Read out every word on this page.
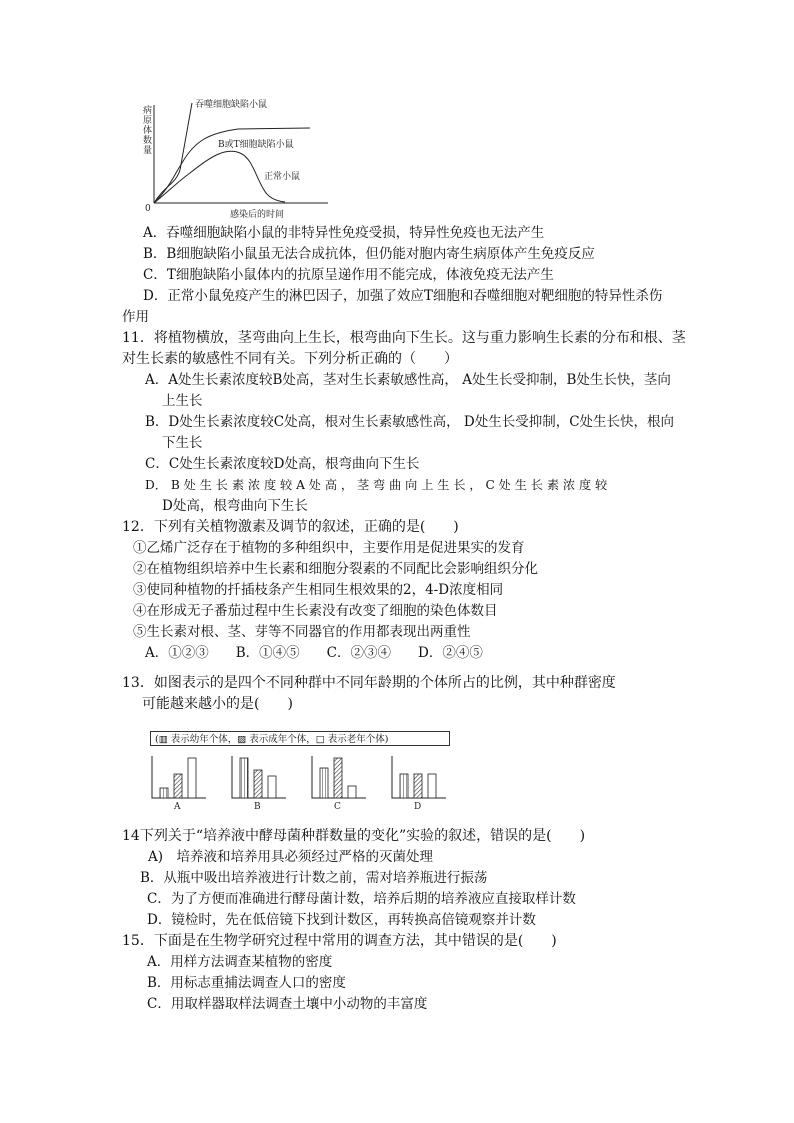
病原体数量
0
感染后的时间
吞噬细胞缺陷小鼠
B或T细胞缺陷小鼠
正常小鼠
A．吞噬细胞缺陷小鼠的非特异性免疫受损，特异性免疫也无法产生
B．B细胞缺陷小鼠虽无法合成抗体，但仍能对胞内寄生病原体产生免疫反应
C．T细胞缺陷小鼠体内的抗原呈递作用不能完成，体液免疫无法产生
D．正常小鼠免疫产生的淋巴因子，加强了效应T细胞和吞噬细胞对靶细胞的特异性杀伤
作用
11．将植物横放，茎弯曲向上生长，根弯曲向下生长。这与重力影响生长素的分布和根、茎
对生长素的敏感性不同有关。下列分析正确的（　　）
A．A处生长素浓度较B处高，茎对生长素敏感性高， A处生长受抑制，B处生长快，茎向
上生长
B．D处生长素浓度较C处高，根对生长素敏感性高， D处生长受抑制，C处生长快，根向
下生长
C．C处生长素浓度较D处高，根弯曲向下生长
D． B 处 生 长 素 浓 度 较 A 处 高 ， 茎 弯 曲 向 上 生 长 ， C 处 生 长 素 浓 度 较
D处高，根弯曲向下生长
12．下列有关植物激素及调节的叙述，正确的是(　　)
①乙烯广泛存在于植物的多种组织中，主要作用是促进果实的发育
②在植物组织培养中生长素和细胞分裂素的不同配比会影响组织分化
③使同种植物的扦插枝条产生相同生根效果的2，4-D浓度相同
④在形成无子番茄过程中生长素没有改变了细胞的染色体数目
⑤生长素对根、茎、芽等不同器官的作用都表现出两重性
A．①②③　　B．①④⑤　　C．②③④　　D．②④⑤
13．如图表示的是四个不同种群中不同年龄期的个体所占的比例，其中种群密度
可能越来越小的是(　　)
(▥ 表示幼年个体，▨ 表示成年个体，□ 表示老年个体)
A	B	C	D
14下列关于“培养液中酵母菌种群数量的变化”实验的叙述，错误的是(　　)
A)　培养液和培养用具必须经过严格的灭菌处理
B．从瓶中吸出培养液进行计数之前，需对培养瓶进行振荡
C．为了方便而准确进行酵母菌计数，培养后期的培养液应直接取样计数
D．镜检时，先在低倍镜下找到计数区，再转换高倍镜观察并计数
15．下面是在生物学研究过程中常用的调查方法，其中错误的是(　　)
A．用样方法调查某植物的密度
B．用标志重捕法调查人口的密度
C．用取样器取样法调查土壤中小动物的丰富度
